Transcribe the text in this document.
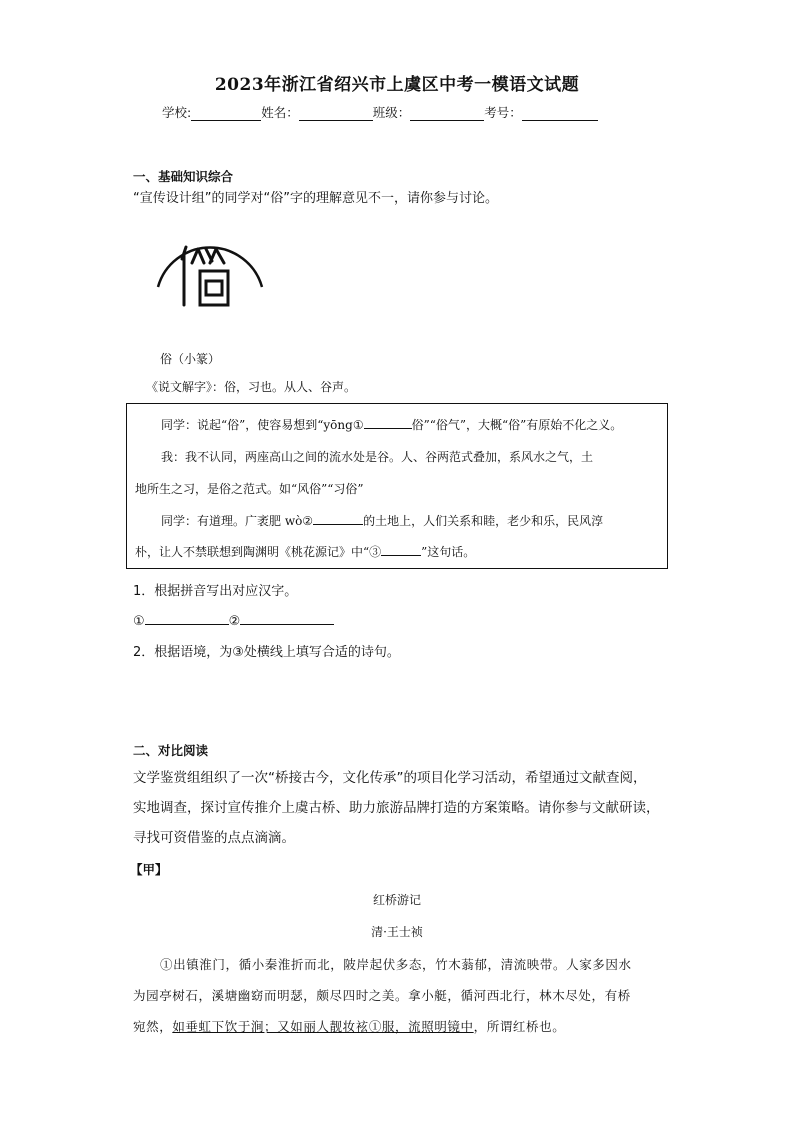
2023年浙江省绍兴市上虞区中考一模语文试题
学校:	姓名：	班级：	考号：
一、基础知识综合
“宣传设计组”的同学对“俗”字的理解意见不一，请你参与讨论。
俗（小篆）
《说文解字》：俗，习也。从人、谷声。
同学：说起“俗”，使容易想到“yōng①	俗”“俗气”，大概“俗”有原始不化之义。
我：我不认同，两座高山之间的流水处是谷。人、谷两范式叠加，系风水之气，土
地所生之习，是俗之范式。如“风俗”“习俗”
同学：有道理。广袤肥 wò②	的土地上，人们关系和睦，老少和乐，民风淳
朴，让人不禁联想到陶渊明《桃花源记》中“③	”这句话。
1．根据拼音写出对应汉字。
①	②
2．根据语境，为③处横线上填写合适的诗句。
二、对比阅读
文学鉴赏组组织了一次“桥接古今，文化传承”的项目化学习活动，希望通过文献查阅，
实地调查，探讨宣传推介上虞古桥、助力旅游品牌打造的方案策略。请你参与文献研读，
寻找可资借鉴的点点滴滴。
【甲】
红桥游记
清·王士祯
①出镇淮门，循小秦淮折而北，陂岸起伏多态，竹木蓊郁，清流映带。人家多因水
为园亭树石，溪塘幽窈而明瑟，颇尽四时之美。拿小艇，循河西北行，林木尽处，有桥
宛然，如垂虹下饮于涧；又如丽人靓妆袨①服，流照明镜中，所谓红桥也。
